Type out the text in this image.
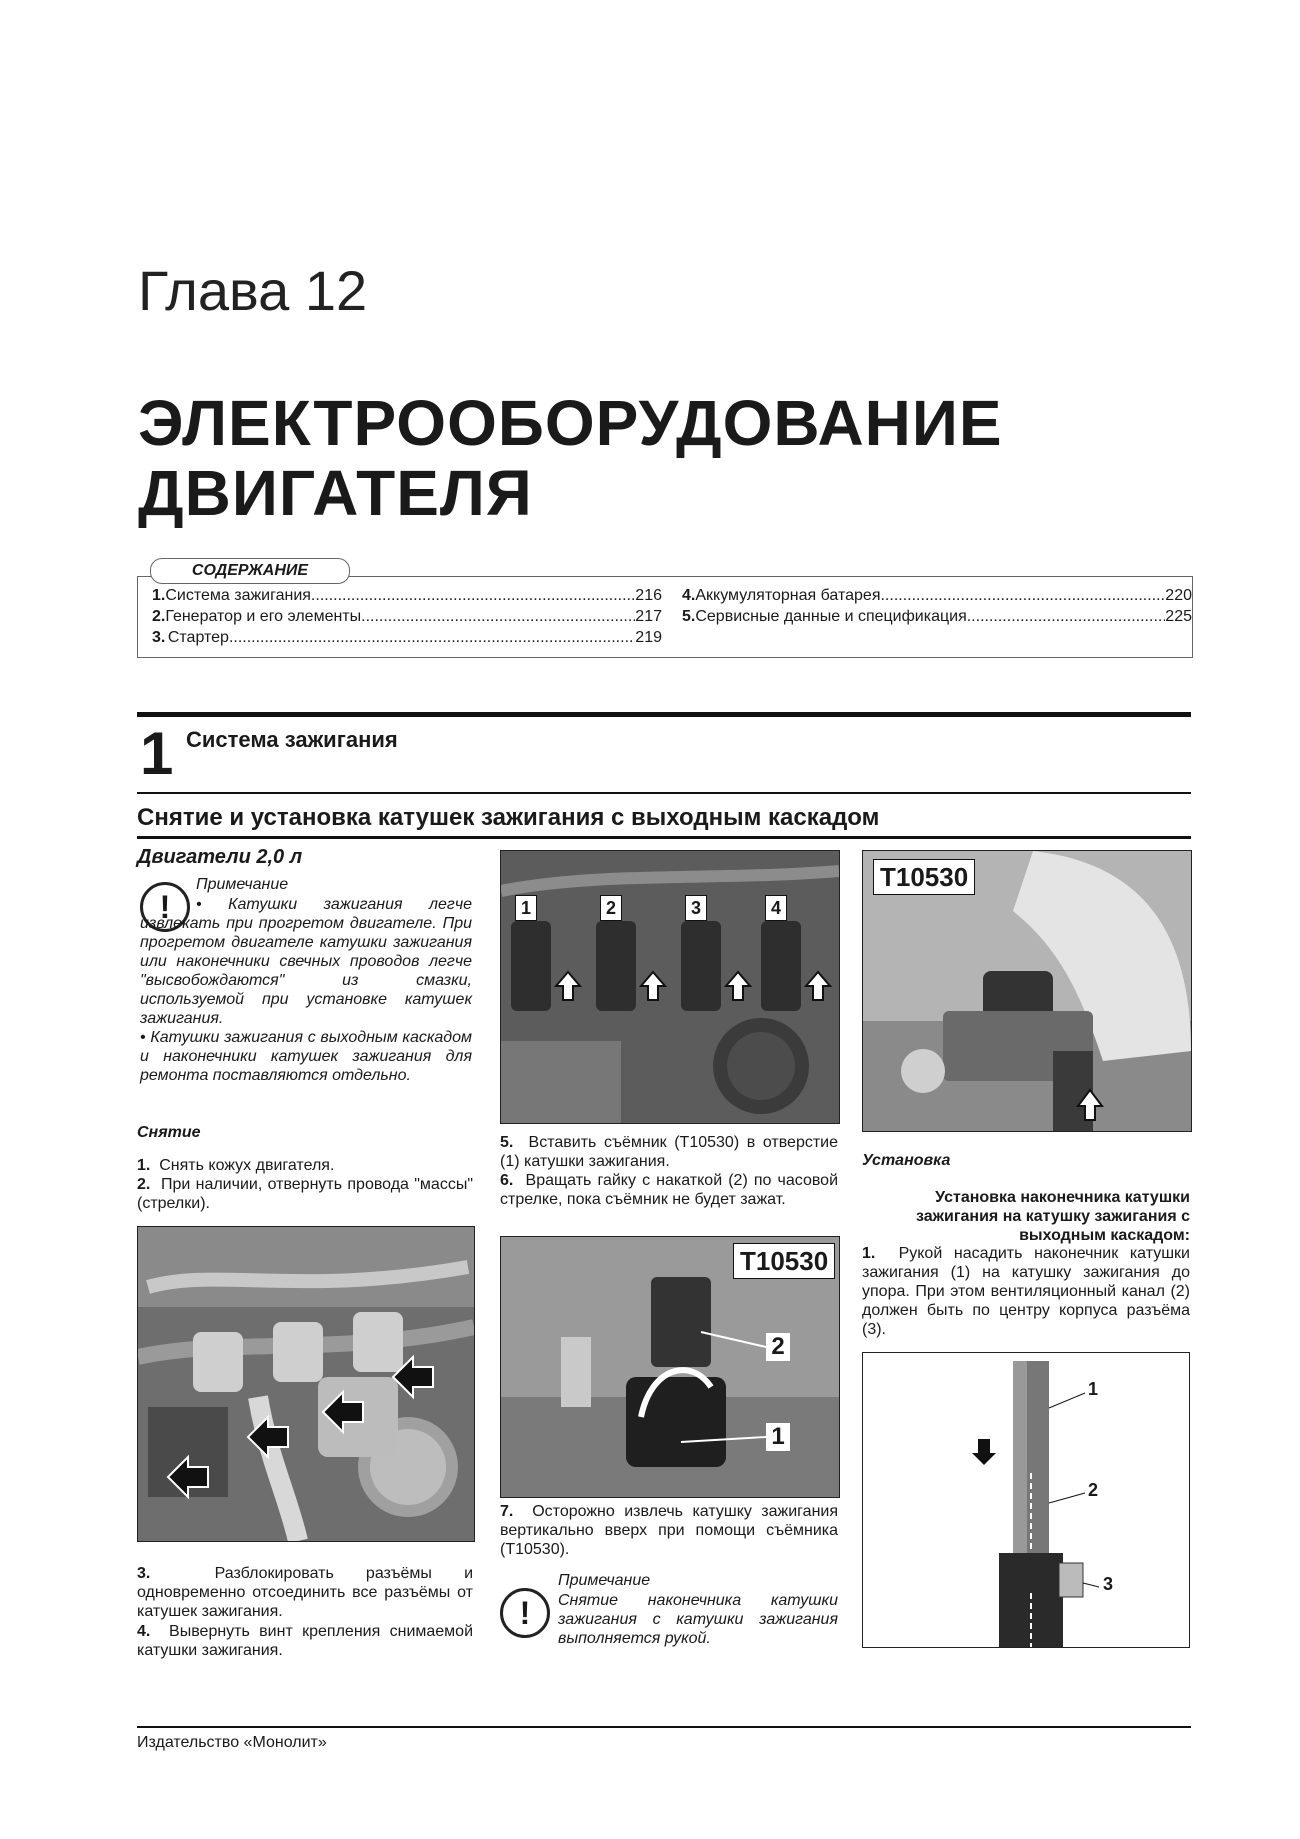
Глава 12
ЭЛЕКТРООБОРУДОВАНИЕ
ДВИГАТЕЛЯ
1. Система зажигания .....	216
2. Генератор и его элементы .....	217
3. Стартер .....	219
4. Аккумуляторная батарея .....	220
5. Сервисные данные и спецификация .....	225
СОДЕРЖАНИЕ
1 Система зажигания
Снятие и установка катушек зажигания с выходным каскадом
Двигатели 2,0 л
!
Примечание
• Катушки зажигания легче извлекать при прогретом двигателе. При прогретом двигателе катушки зажигания или наконечники свечных проводов легче "высвобождаются" из смазки, используемой при установке катушек зажигания.
• Катушки зажигания с выходным каскадом и наконечники катушек зажигания для ремонта поставляются отдельно.
Снятие
1. Снять кожух двигателя.
2. При наличии, отвернуть провода "массы" (стрелки).
3.	Разблокировать разъёмы и одновременно отсоединить все разъёмы от катушек зажигания.
4. Вывернуть винт крепления снимаемой катушки зажигания.
1	2	3	4
5. Вставить съёмник (T10530) в отверстие (1) катушки зажигания.
6. Вращать гайку с накаткой (2) по часовой стрелке, пока съёмник не будет зажат.
T10530
2
1
7. Осторожно извлечь катушку зажигания вертикально вверх при помощи съёмника (T10530).
!
Примечание
Снятие наконечника катушки зажигания с катушки зажигания выполняется рукой.
T10530
Установка
Установка наконечника катушки зажигания на катушку зажигания с выходным каскадом:
1. Рукой насадить наконечник катушки зажигания (1) на катушку зажигания до упора. При этом вентиляционный канал (2) должен быть по центру корпуса разъёма (3).
1
2
3
Издательство «Монолит»
